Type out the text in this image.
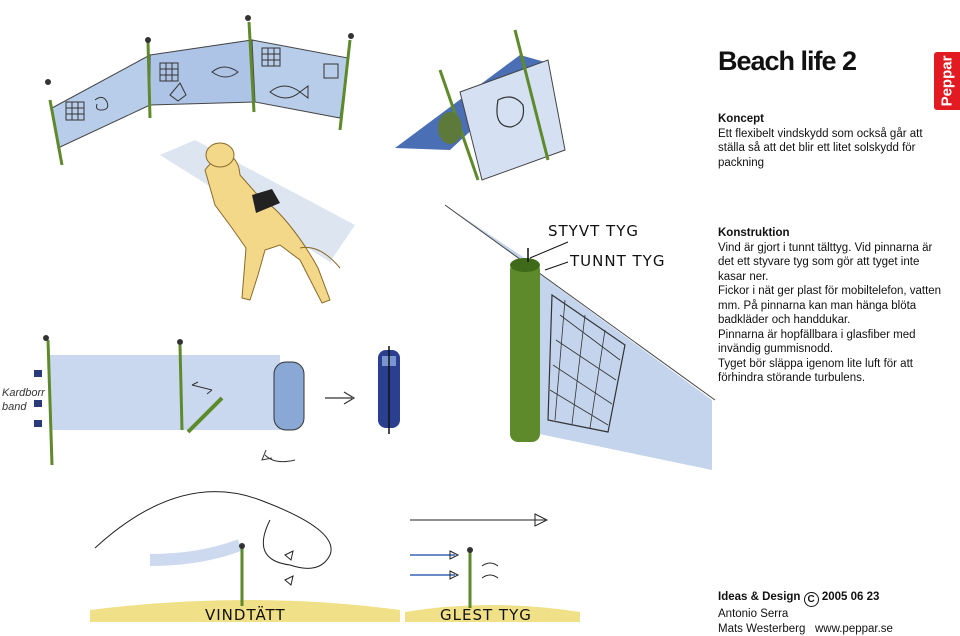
STYVT TYG
TUNNT TYG
VINDTÄTT	GLEST TYG
Beach life 2	Peppar
Koncept
Ett flexibelt vindskydd som också går att ställa så att det blir ett litet solskydd för packning
Konstruktion
Vind är gjort i tunnt tälttyg. Vid pinnarna är det ett styvare tyg som gör att tyget inte kasar ner.
Fickor i nät ger plast för mobiltelefon, vatten mm. På pinnarna kan man hänga blöta badkläder och handdukar.
Pinnarna är hopfällbara i glasfiber med invändig gummisnodd.
Tyget bör släppa igenom lite luft för att förhindra störande turbulens.
Kardborr band
Ideas & Design C 2005 06 23
Antonio Serra
Mats Westerberg www.peppar.se
